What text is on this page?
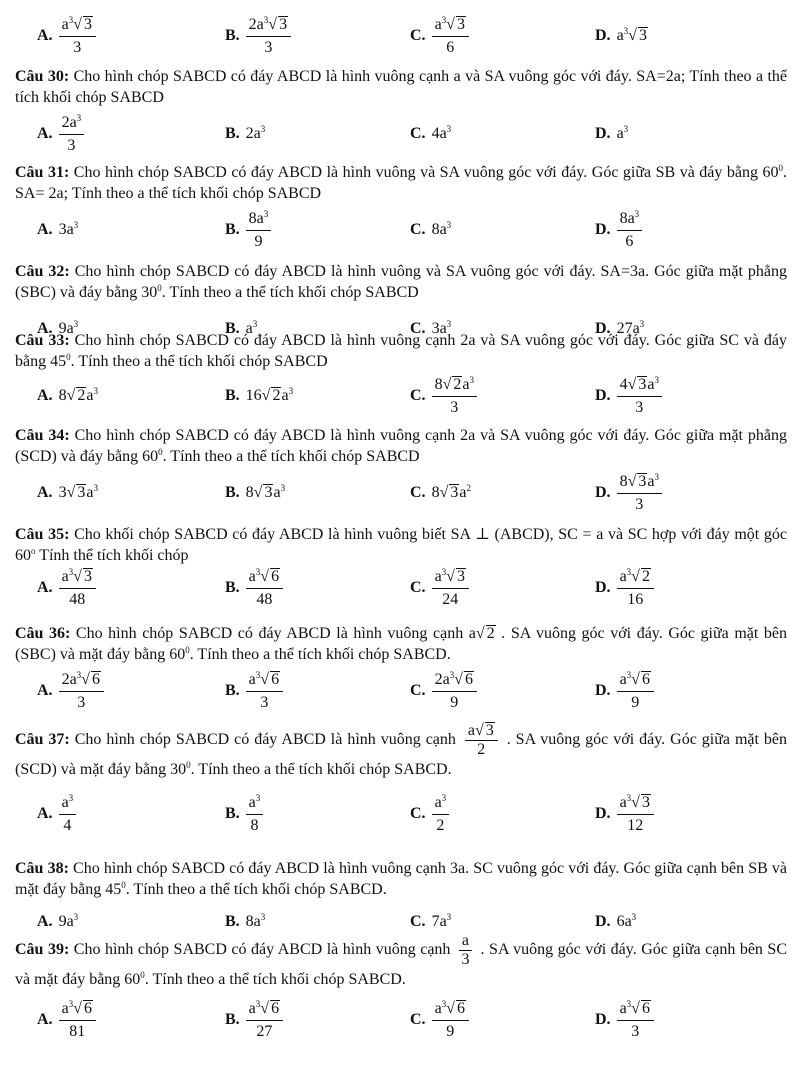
A. $\frac{a^3√ 3}{3}$	B. $\frac{2a^3√ 3}{3}$	C. $\frac{a^3√ 3}{6}$	D. $a^3√$ 3
Câu 30: Cho hình chóp SABCD có đáy ABCD là hình vuông cạnh a và SA vuông góc với đáy. SA=2a; Tính theo a thể tích khối chóp SABCD
A. $\frac{2a^3}{3}$	B. $2a^3$	C. $4a^3$	D. $a^3$
Câu 31: Cho hình chóp SABCD có đáy ABCD là hình vuông và SA vuông góc với đáy. Góc giữa SB và đáy bằng $60^0$. SA= 2a; Tính theo a thể tích khối chóp SABCD
A. $3a^3$	B. $\frac{8a^3}{9}$	C. $8a^3$	D. $\frac{8a^3}{6}$
Câu 32: Cho hình chóp SABCD có đáy ABCD là hình vuông và SA vuông góc với đáy. SA=3a. Góc giữa mặt phẳng (SBC) và đáy bằng $30^0$. Tính theo a thể tích khối chóp SABCD
A. $9a^3$	B. $a^3$	C. $3a^3$	D. $27a^3$
Câu 33: Cho hình chóp SABCD có đáy ABCD là hình vuông cạnh 2a và SA vuông góc với đáy. Góc giữa SC và đáy bằng $45^0$. Tính theo a thể tích khối chóp SABCD
A. 8√ $2a^3$	B. 16√ $2a^3$	C. $\frac{8√ 2a^3}{3}$	D. $\frac{4√ 3a^3}{3}$
Câu 34: Cho hình chóp SABCD có đáy ABCD là hình vuông cạnh 2a và SA vuông góc với đáy. Góc giữa mặt phẳng (SCD) và đáy bằng $60^0$. Tính theo a thể tích khối chóp SABCD
A. 3√ $3a^3$	B. 8√ $3a^3$	C. 8√ $3a^2$	D. $\frac{8√ 3a^3}{3}$
Câu 35: Cho khối chóp SABCD có đáy ABCD là hình vuông biết SA ⊥ (ABCD), SC = a và SC hợp với đáy một góc 60$^o$ Tính thể tích khối chóp
A. $\frac{a^3√ 3}{48}$	B. $\frac{a^3√ 6}{48}$	C. $\frac{a^3√ 3}{24}$	D. $\frac{a^3√ 2}{16}$
Câu 36: Cho hình chóp SABCD có đáy ABCD là hình vuông cạnh a√ 2 . SA vuông góc với đáy. Góc giữa mặt bên (SBC) và mặt đáy bằng $60^0$. Tính theo a thể tích khối chóp SABCD.
A. $\frac{2a^3√ 6}{3}$	B. $\frac{a^3√ 6}{3}$	C. $\frac{2a^3√ 6}{9}$	D. $\frac{a^3√ 6}{9}$
Câu 37: Cho hình chóp SABCD có đáy ABCD là hình vuông cạnh $\frac{a√ 3}{2}$ . SA vuông góc với đáy. Góc giữa mặt bên (SCD) và mặt đáy bằng $30^0$. Tính theo a thể tích khối chóp SABCD.
A. $\frac{a^3}{4}$	B. $\frac{a^3}{8}$	C. $\frac{a^3}{2}$	D. $\frac{a^3√ 3}{12}$
Câu 38: Cho hình chóp SABCD có đáy ABCD là hình vuông cạnh 3a. SC vuông góc với đáy. Góc giữa cạnh bên SB và mặt đáy bằng $45^0$. Tính theo a thể tích khối chóp SABCD.
A. $9a^3$	B. $8a^3$	C. $7a^3$	D. $6a^3$
Câu 39: Cho hình chóp SABCD có đáy ABCD là hình vuông cạnh $\frac{a}{3}$ . SA vuông góc với đáy. Góc giữa cạnh bên SC và mặt đáy bằng $60^0$. Tính theo a thể tích khối chóp SABCD.
A. $\frac{a^3√ 6}{81}$	B. $\frac{a^3√ 6}{27}$	C. $\frac{a^3√ 6}{9}$	D. $\frac{a^3√ 6}{3}$
